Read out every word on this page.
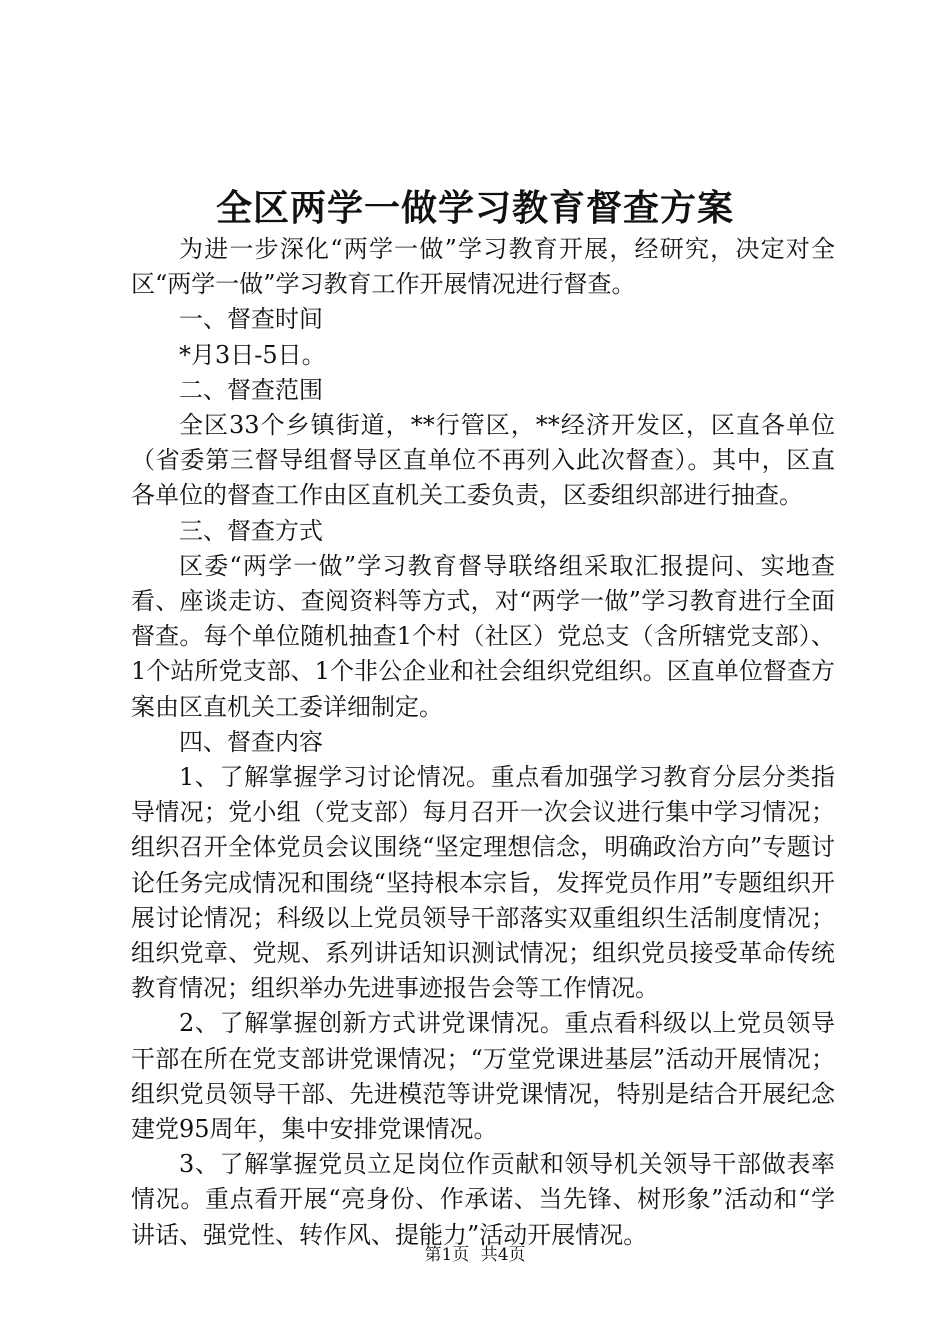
全区两学一做学习教育督查方案

为进一步深化“两学一做”学习教育开展，经研究，决定对全区“两学一做”学习教育工作开展情况进行督查。

一、督查时间

*月3日-5日。

二、督查范围

全区33个乡镇街道，**行管区，**经济开发区，区直各单位（省委第三督导组督导区直单位不再列入此次督查）。其中，区直各单位的督查工作由区直机关工委负责，区委组织部进行抽查。

三、督查方式

区委“两学一做”学习教育督导联络组采取汇报提问、实地查看、座谈走访、查阅资料等方式，对“两学一做”学习教育进行全面督查。每个单位随机抽查1个村（社区）党总支（含所辖党支部）、1个站所党支部、1个非公企业和社会组织党组织。区直单位督查方案由区直机关工委详细制定。

四、督查内容

1、了解掌握学习讨论情况。重点看加强学习教育分层分类指导情况；党小组（党支部）每月召开一次会议进行集中学习情况；组织召开全体党员会议围绕“坚定理想信念，明确政治方向”专题讨论任务完成情况和围绕“坚持根本宗旨，发挥党员作用”专题组织开展讨论情况；科级以上党员领导干部落实双重组织生活制度情况；组织党章、党规、系列讲话知识测试情况；组织党员接受革命传统教育情况；组织举办先进事迹报告会等工作情况。

2、了解掌握创新方式讲党课情况。重点看科级以上党员领导干部在所在党支部讲党课情况；“万堂党课进基层”活动开展情况；组织党员领导干部、先进模范等讲党课情况，特别是结合开展纪念建党95周年，集中安排党课情况。

3、了解掌握党员立足岗位作贡献和领导机关领导干部做表率情况。重点看开展“亮身份、作承诺、当先锋、树形象”活动和“学讲话、强党性、转作风、提能力”活动开展情况。

第1页 共4页
